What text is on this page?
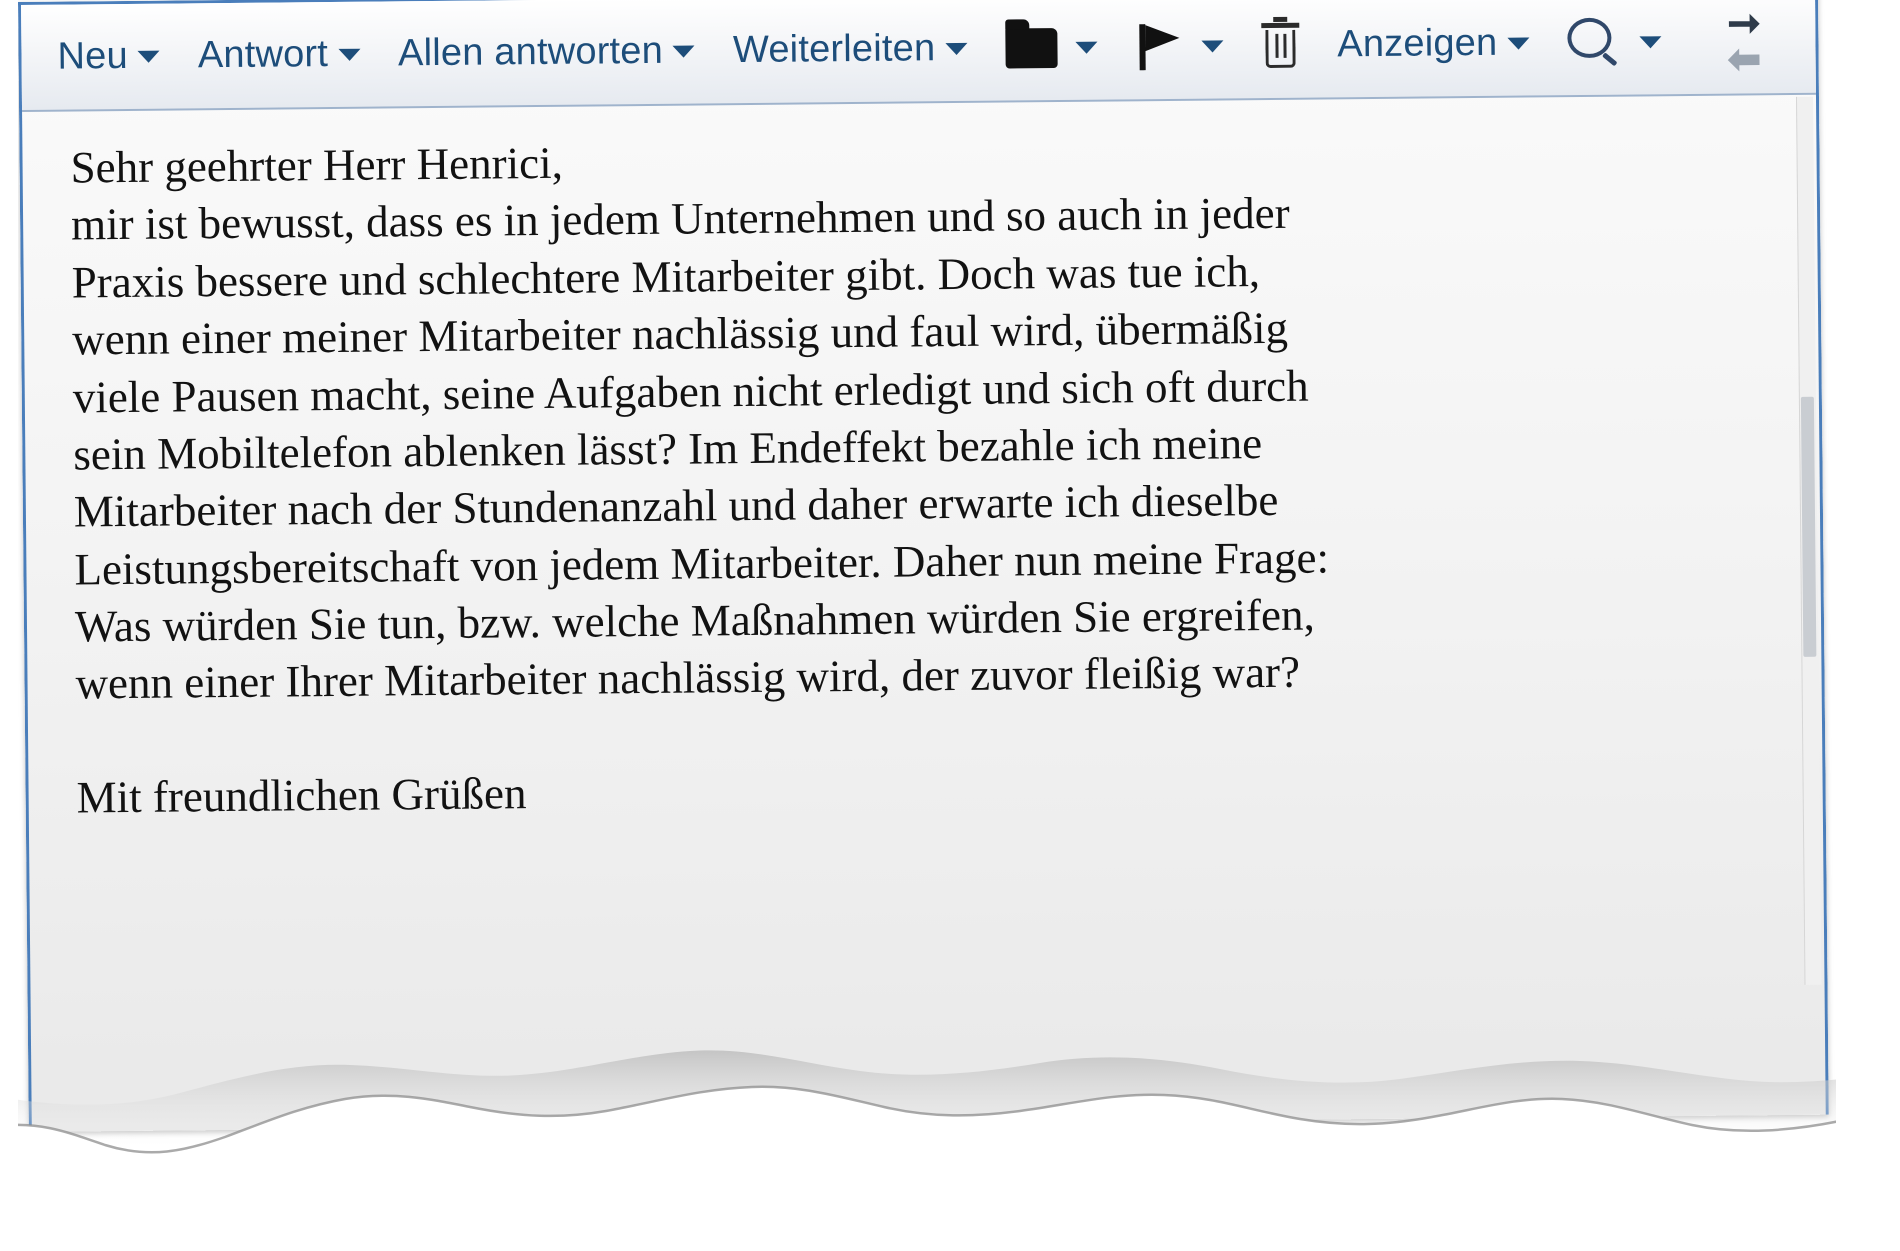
Neu Antwort Allen antworten Weiterleiten	Anzeigen	➞
⬅

Sehr geehrter Herr Henrici,

mir ist bewusst, dass es in jedem Unternehmen und so auch in jeder

Praxis bessere und schlechtere Mitarbeiter gibt. Doch was tue ich,

wenn einer meiner Mitarbeiter nachlässig und faul wird, übermäßig

viele Pausen macht, seine Aufgaben nicht erledigt und sich oft durch

sein Mobiltelefon ablenken lässt? Im Endeffekt bezahle ich meine

Mitarbeiter nach der Stundenanzahl und daher erwarte ich dieselbe

Leistungsbereitschaft von jedem Mitarbeiter. Daher nun meine Frage:

Was würden Sie tun, bzw. welche Maßnahmen würden Sie ergreifen,

wenn einer Ihrer Mitarbeiter nachlässig wird, der zuvor fleißig war?

Mit freundlichen Grüßen
